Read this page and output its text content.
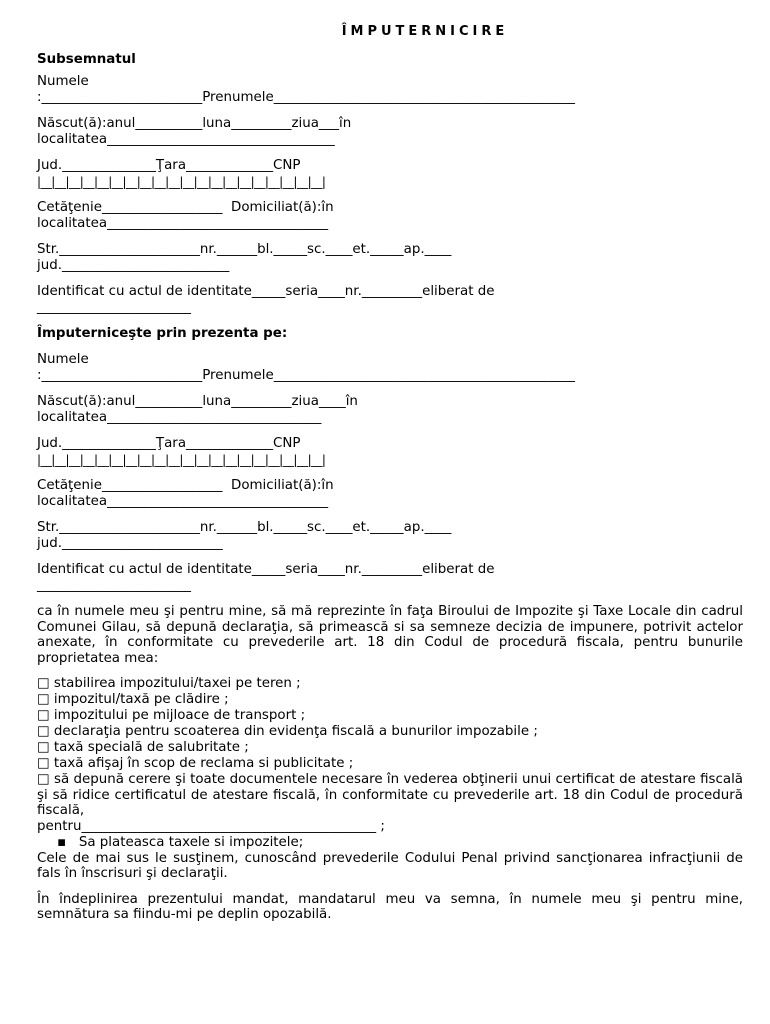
ÎMPUTERNICIRE
Subsemnatul
Numele
:________________________Prenumele_____________________________________________
Născut(ă):anul__________luna_________ziua___în
localitatea__________________________________
Jud.______________Ţara_____________CNP
|__|__|__|__|__|__|__|__|__|__|__|__|__|__|__|__|__|__|__|__|
Cetăţenie__________________  Domiciliat(ă):în
localitatea_________________________________
Str._____________________nr.______bl._____sc.____et._____ap.____
jud._________________________
Identificat cu actul de identitate_____seria____nr._________eliberat de
_______________________
Împuterniceşte prin prezenta pe:
Numele
:________________________Prenumele_____________________________________________
Născut(ă):anul__________luna_________ziua____în
localitatea________________________________
Jud.______________Ţara_____________CNP
|__|__|__|__|__|__|__|__|__|__|__|__|__|__|__|__|__|__|__|__|
Cetăţenie__________________  Domiciliat(ă):în
localitatea_________________________________
Str._____________________nr.______bl._____sc.____et._____ap.____
jud.________________________
Identificat cu actul de identitate_____seria____nr._________eliberat de
_______________________
ca în numele meu şi pentru mine, să mă reprezinte în faţa Biroului de Impozite şi Taxe Locale din cadrul Comunei Gilau, să depună declaraţia, să primească si sa semneze decizia de impunere, potrivit actelor anexate, în conformitate cu prevederile art. 18 din Codul de procedură fiscala, pentru bunurile proprietatea mea:
□ stabilirea impozitului/taxei pe teren ;
□ impozitul/taxă pe clădire ;
□ impozitului pe mijloace de transport ;
□ declaraţia pentru scoaterea din evidenţa fiscală a bunurilor impozabile ;
□ taxă specială de salubritate ;
□ taxă afişaj în scop de reclama si publicitate ;
□ să depună cerere şi toate documentele necesare în vederea obţinerii unui certificat de atestare fiscală şi să ridice certificatul de atestare fiscală, în conformitate cu prevederile art. 18 din Codul de procedură fiscală,
pentru____________________________________________ ;
▪   Sa plateasca taxele si impozitele;
Cele de mai sus le susţinem, cunoscând prevederile Codului Penal privind sancţionarea infracţiunii de fals în înscrisuri şi declaraţii.
În îndeplinirea prezentului mandat, mandatarul meu va semna, în numele meu şi pentru mine, semnătura sa fiindu-mi pe deplin opozabilă.
